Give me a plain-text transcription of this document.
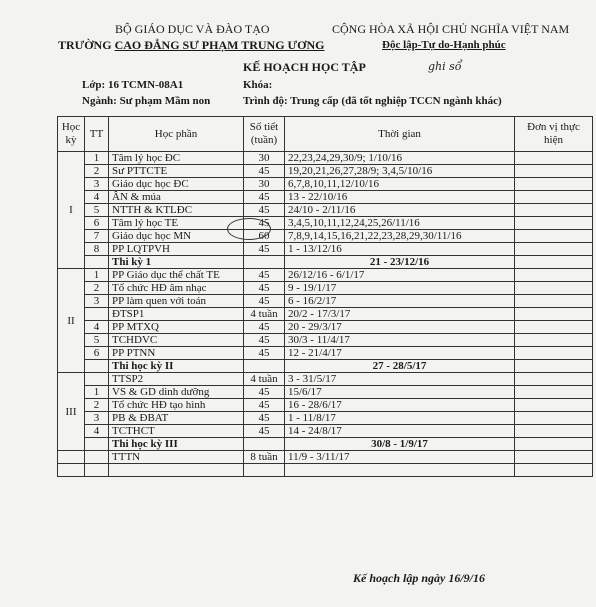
BỘ GIÁO DỤC VÀ ĐÀO TẠO
TRƯỜNG CAO ĐẲNG SƯ PHẠM TRUNG ƯƠNG
CỘNG HÒA XÃ HỘI CHỦ NGHĨA VIỆT NAM
Độc lập-Tự do-Hạnh phúc
KẾ HOẠCH HỌC TẬP	ghi sổ
Lớp: 16 TCMN-08A1	Khóa:
Ngành: Sư phạm Mầm non	Trình độ: Trung cấp (đã tốt nghiệp TCCN ngành khác)
Học kỳ	TT	Học phần	Số tiết (tuần)	Thời gian	Đơn vị thực hiện
I	1	Tâm lý học ĐC	30	22,23,24,29,30/9; 1/10/16	
	2	Sư PTTCTE	45	19,20,21,26,27,28/9; 3,4,5/10/16	
	3	Giáo dục học ĐC	30	6,7,8,10,11,12/10/16	
	4	ÂN & múa	45	13 - 22/10/16	
	5	NTTH & KTLĐC	45	24/10 - 2/11/16	
	6	Tâm lý học TE	45	3,4,5,10,11,12,24,25,26/11/16	
	7	Giáo dục học MN	60	7,8,9,14,15,16,21,22,23,28,29,30/11/16	
	8	PP LQTPVH	45	1 - 13/12/16	
		Thi kỳ 1		21 - 23/12/16	
II	1	PP Giáo dục thể chất TE	45	26/12/16 - 6/1/17	
	2	Tổ chức HĐ âm nhạc	45	9 - 19/1/17	
	3	PP làm quen với toán	45	6 - 16/2/17	
		ĐTSP1	4 tuần	20/2 - 17/3/17	
	4	PP MTXQ	45	20 - 29/3/17	
	5	TCHDVC	45	30/3 - 11/4/17	
	6	PP PTNN	45	12 - 21/4/17	
		Thi học kỳ II		27 - 28/5/17	
III		TTSP2	4 tuần	3 - 31/5/17	
	1	VS & GD dinh dưỡng	45	15/6/17	
	2	Tổ chức HĐ tạo hình	45	16 - 28/6/17	
	3	PB & ĐBAT	45	1 - 11/8/17	
	4	TCTHCT	45	14 - 24/8/17	
		Thi học kỳ III		30/8 - 1/9/17	
		TTTN	8 tuần	11/9 - 3/11/17	

Kế hoạch lập ngày 16/9/16
